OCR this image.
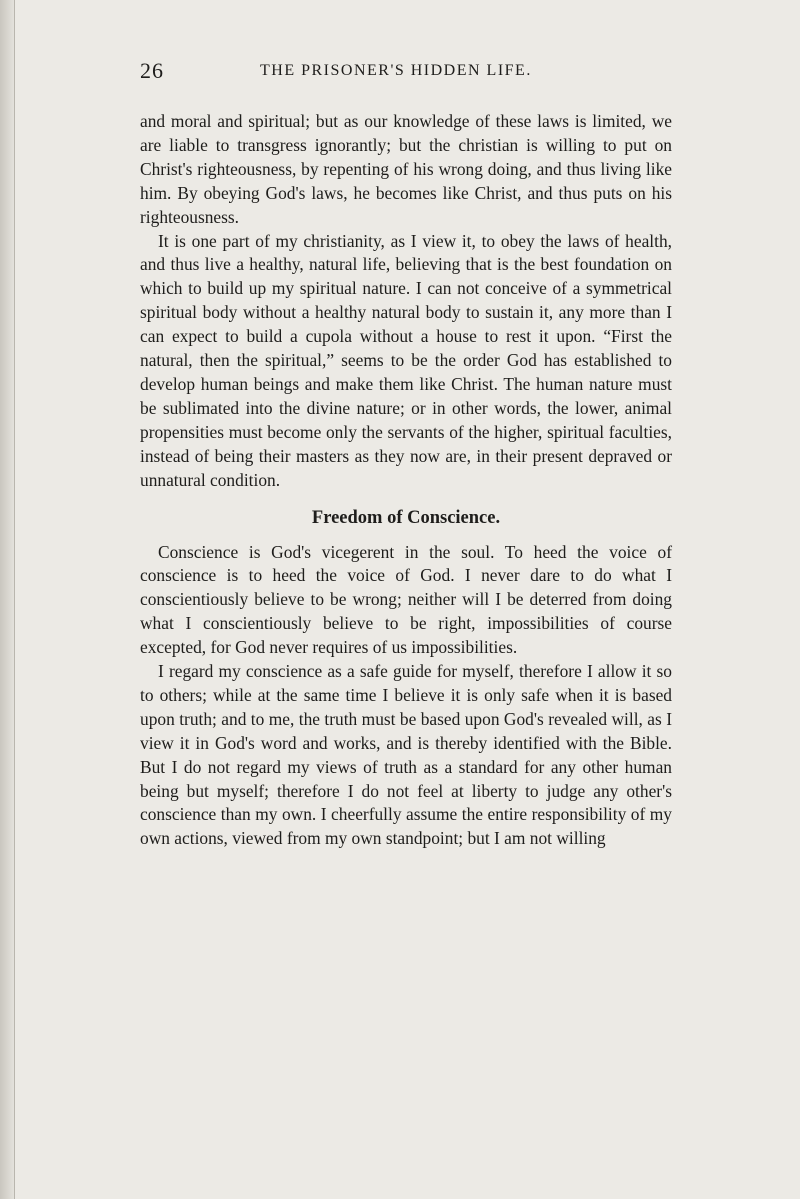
26	THE PRISONER'S HIDDEN LIFE.

and moral and spiritual; but as our knowledge of these laws is limited, we are liable to transgress ignorantly; but the christian is willing to put on Christ's righteousness, by repenting of his wrong doing, and thus living like him. By obeying God's laws, he becomes like Christ, and thus puts on his righteousness.

It is one part of my christianity, as I view it, to obey the laws of health, and thus live a healthy, natural life, believing that is the best foundation on which to build up my spiritual nature. I can not conceive of a symmetrical spiritual body without a healthy natural body to sustain it, any more than I can expect to build a cupola without a house to rest it upon. “First the natural, then the spiritual,” seems to be the order God has established to develop human beings and make them like Christ. The human nature must be sublimated into the divine nature; or in other words, the lower, animal propensities must become only the servants of the higher, spiritual faculties, instead of being their masters as they now are, in their present depraved or unnatural condition.

Freedom of Conscience.

Conscience is God's vicegerent in the soul. To heed the voice of conscience is to heed the voice of God. I never dare to do what I conscientiously believe to be wrong; neither will I be deterred from doing what I conscientiously believe to be right, impossibilities of course excepted, for God never requires of us impossibilities.

I regard my conscience as a safe guide for myself, therefore I allow it so to others; while at the same time I believe it is only safe when it is based upon truth; and to me, the truth must be based upon God's revealed will, as I view it in God's word and works, and is thereby identified with the Bible. But I do not regard my views of truth as a standard for any other human being but myself; therefore I do not feel at liberty to judge any other's conscience than my own. I cheerfully assume the entire responsibility of my own actions, viewed from my own standpoint; but I am not willing
